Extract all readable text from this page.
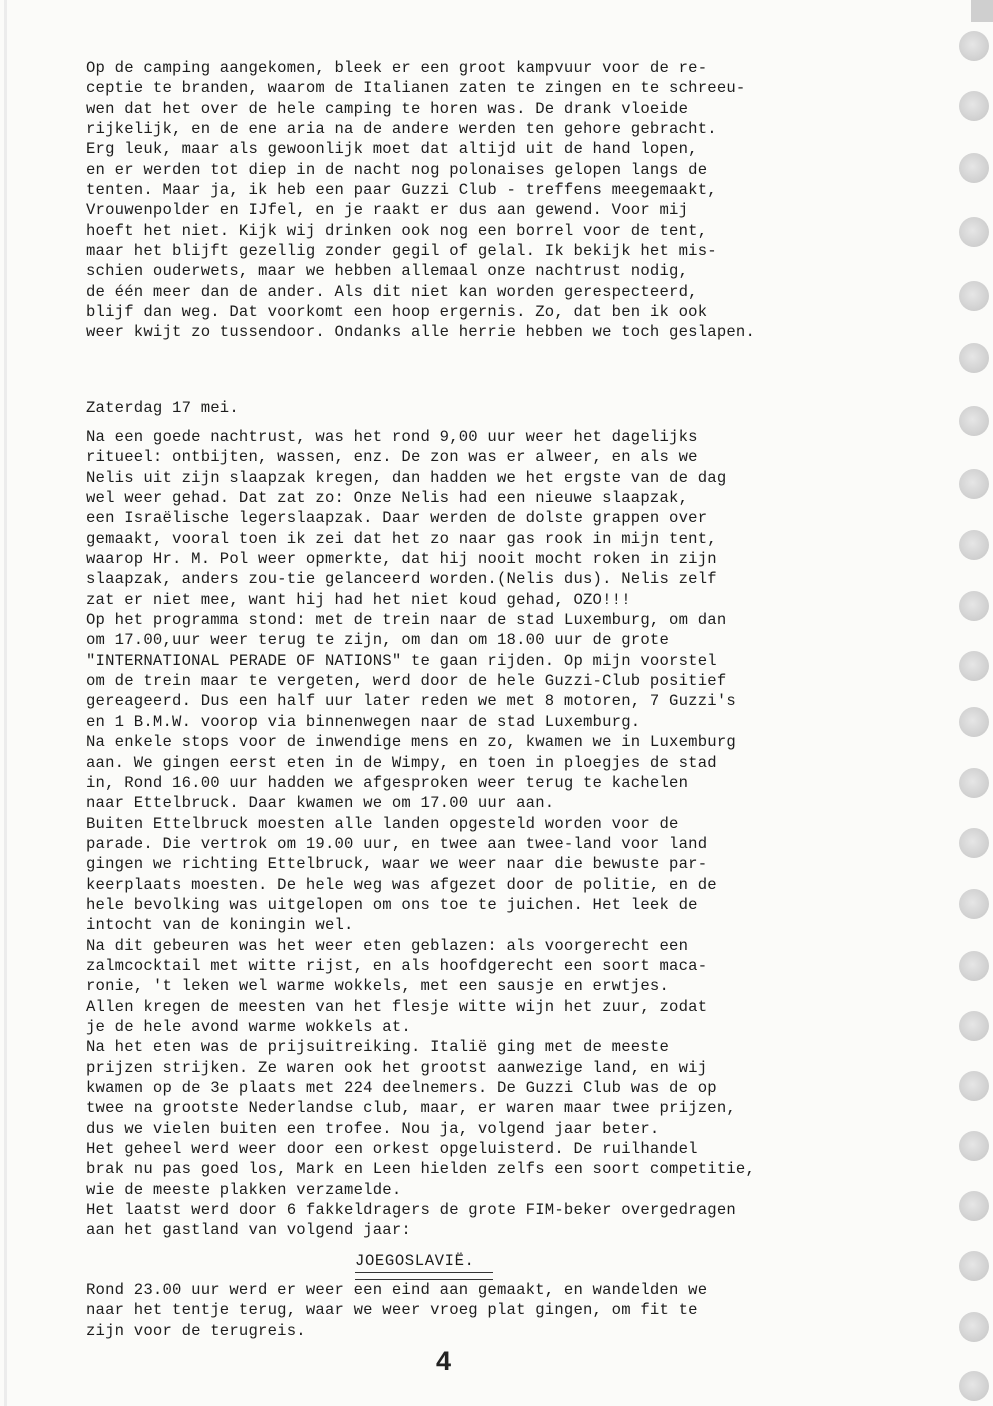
Op de camping aangekomen, bleek er een groot kampvuur voor de re-
ceptie te branden, waarom de Italianen zaten te zingen en te schreeu-
wen dat het over de hele camping te horen was. De drank vloeide
rijkelijk, en de ene aria na de andere werden ten gehore gebracht.
Erg leuk, maar als gewoonlijk moet dat altijd uit de hand lopen,
en er werden tot diep in de nacht nog polonaises gelopen langs de
tenten. Maar ja, ik heb een paar Guzzi Club - treffens meegemaakt,
Vrouwenpolder en IJfel, en je raakt er dus aan gewend. Voor mij
hoeft het niet. Kijk wij drinken ook nog een borrel voor de tent,
maar het blijft gezellig zonder gegil of gelal. Ik bekijk het mis-
schien ouderwets, maar we hebben allemaal onze nachtrust nodig,
de één meer dan de ander. Als dit niet kan worden gerespecteerd,
blijf dan weg. Dat voorkomt een hoop ergernis. Zo, dat ben ik ook
weer kwijt zo tussendoor. Ondanks alle herrie hebben we toch geslapen.
Zaterdag 17 mei.
Na een goede nachtrust, was het rond 9,00 uur weer het dagelijks
ritueel: ontbijten, wassen, enz. De zon was er alweer, en als we
Nelis uit zijn slaapzak kregen, dan hadden we het ergste van de dag
wel weer gehad. Dat zat zo: Onze Nelis had een nieuwe slaapzak,
een Israëlische legerslaapzak. Daar werden de dolste grappen over
gemaakt, vooral toen ik zei dat het zo naar gas rook in mijn tent,
waarop Hr. M. Pol weer opmerkte, dat hij nooit mocht roken in zijn
slaapzak, anders zou-tie gelanceerd worden.(Nelis dus). Nelis zelf
zat er niet mee, want hij had het niet koud gehad, OZO!!!
Op het programma stond: met de trein naar de stad Luxemburg, om dan
om 17.00,uur weer terug te zijn, om dan om 18.00 uur de grote
"INTERNATIONAL PERADE OF NATIONS" te gaan rijden. Op mijn voorstel
om de trein maar te vergeten, werd door de hele Guzzi-Club positief
gereageerd. Dus een half uur later reden we met 8 motoren, 7 Guzzi's
en 1 B.M.W. voorop via binnenwegen naar de stad Luxemburg.
Na enkele stops voor de inwendige mens en zo, kwamen we in Luxemburg
aan. We gingen eerst eten in de Wimpy, en toen in ploegjes de stad
in, Rond 16.00 uur hadden we afgesproken weer terug te kachelen
naar Ettelbruck. Daar kwamen we om 17.00 uur aan.
Buiten Ettelbruck moesten alle landen opgesteld worden voor de
parade. Die vertrok om 19.00 uur, en twee aan twee-land voor land
gingen we richting Ettelbruck, waar we weer naar die bewuste par-
keerplaats moesten. De hele weg was afgezet door de politie, en de
hele bevolking was uitgelopen om ons toe te juichen. Het leek de
intocht van de koningin wel.
Na dit gebeuren was het weer eten geblazen: als voorgerecht een
zalmcocktail met witte rijst, en als hoofdgerecht een soort maca-
ronie, 't leken wel warme wokkels, met een sausje en erwtjes.
Allen kregen de meesten van het flesje witte wijn het zuur, zodat
je de hele avond warme wokkels at.
Na het eten was de prijsuitreiking. Italië ging met de meeste
prijzen strijken. Ze waren ook het grootst aanwezige land, en wij
kwamen op de 3e plaats met 224 deelnemers. De Guzzi Club was de op
twee na grootste Nederlandse club, maar, er waren maar twee prijzen,
dus we vielen buiten een trofee. Nou ja, volgend jaar beter.
Het geheel werd weer door een orkest opgeluisterd. De ruilhandel
brak nu pas goed los, Mark en Leen hielden zelfs een soort competitie,
wie de meeste plakken verzamelde.
Het laatst werd door 6 fakkeldragers de grote FIM-beker overgedragen
aan het gastland van volgend jaar:
JOEGOSLAVIË.
Rond 23.00 uur werd er weer een eind aan gemaakt, en wandelden we
naar het tentje terug, waar we weer vroeg plat gingen, om fit te
zijn voor de terugreis.
4
